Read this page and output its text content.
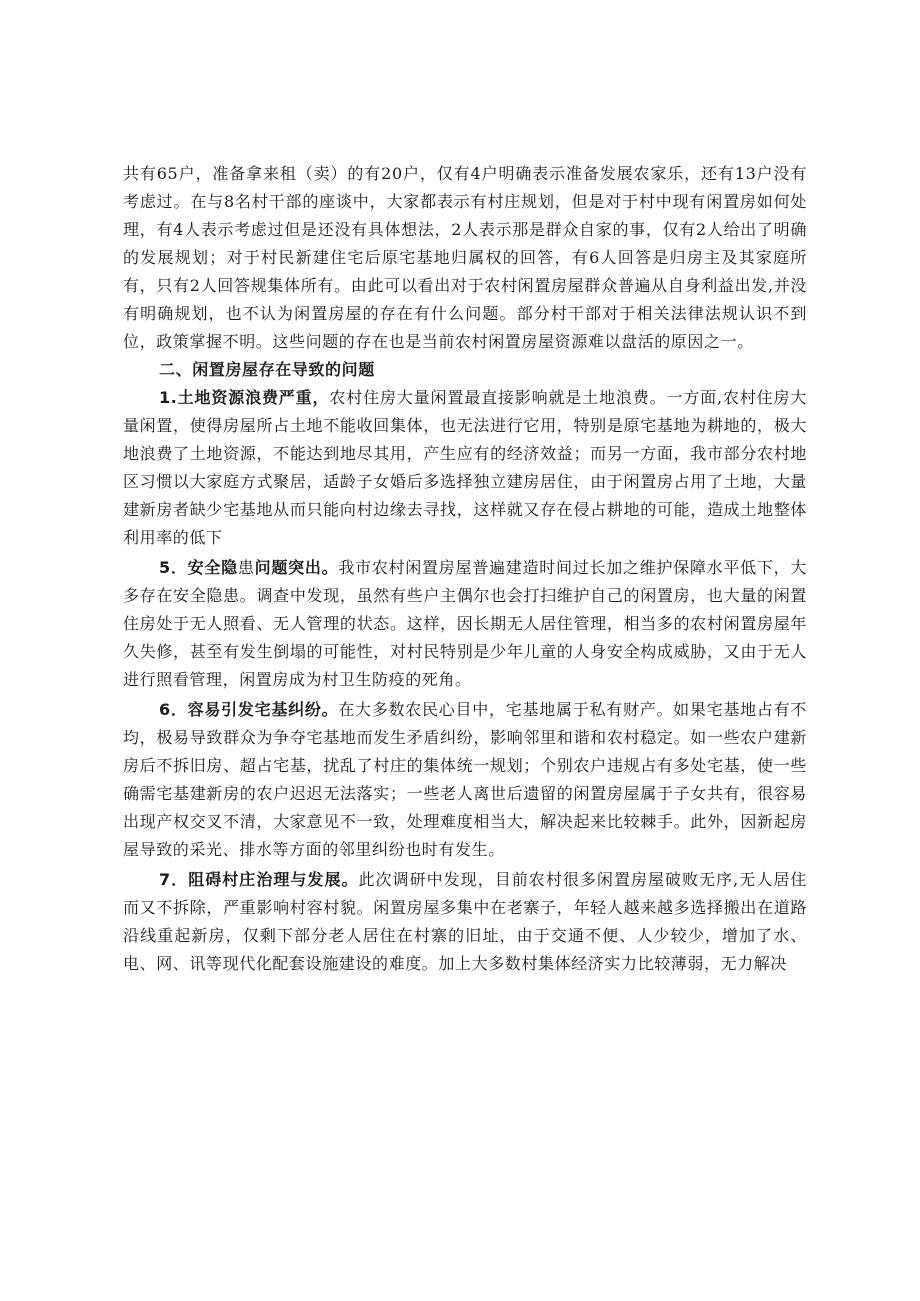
共有65户，准备拿来租（卖）的有20户，仅有4户明确表示准备发展农家乐，还有13户没有考虑过。在与8名村干部的座谈中，大家都表示有村庄规划，但是对于村中现有闲置房如何处理，有4人表示考虑过但是还没有具体想法，2人表示那是群众自家的事，仅有2人给出了明确的发展规划；对于村民新建住宅后原宅基地归属权的回答，有6人回答是归房主及其家庭所有，只有2人回答规集体所有。由此可以看出对于农村闲置房屋群众普遍从自身利益出发,并没有明确规划，也不认为闲置房屋的存在有什么问题。部分村干部对于相关法律法规认识不到位，政策掌握不明。这些问题的存在也是当前农村闲置房屋资源难以盘活的原因之一。

二、闲置房屋存在导致的问题

1.土地资源浪费严重，农村住房大量闲置最直接影响就是土地浪费。一方面,农村住房大量闲置，使得房屋所占土地不能收回集体，也无法进行它用，特别是原宅基地为耕地的，极大地浪费了土地资源，不能达到地尽其用，产生应有的经济效益；而另一方面，我市部分农村地区习惯以大家庭方式聚居，适龄子女婚后多选择独立建房居住，由于闲置房占用了土地，大量建新房者缺少宅基地从而只能向村边缘去寻找，这样就又存在侵占耕地的可能，造成土地整体利用率的低下

5．安全隐患问题突出。我市农村闲置房屋普遍建造时间过长加之维护保障水平低下，大多存在安全隐患。调查中发现，虽然有些户主偶尔也会打扫维护自己的闲置房，也大量的闲置住房处于无人照看、无人管理的状态。这样，因长期无人居住管理，相当多的农村闲置房屋年久失修，甚至有发生倒塌的可能性，对村民特别是少年儿童的人身安全构成威胁，又由于无人进行照看管理，闲置房成为村卫生防疫的死角。

6．容易引发宅基纠纷。在大多数农民心目中，宅基地属于私有财产。如果宅基地占有不均，极易导致群众为争夺宅基地而发生矛盾纠纷，影响邻里和谐和农村稳定。如一些农户建新房后不拆旧房、超占宅基，扰乱了村庄的集体统一规划；个别农户违规占有多处宅基，使一些确需宅基建新房的农户迟迟无法落实；一些老人离世后遗留的闲置房屋属于子女共有，很容易出现产权交叉不清，大家意见不一致，处理难度相当大，解决起来比较棘手。此外，因新起房屋导致的采光、排水等方面的邻里纠纷也时有发生。

7．阻碍村庄治理与发展。此次调研中发现，目前农村很多闲置房屋破败无序,无人居住而又不拆除，严重影响村容村貌。闲置房屋多集中在老寨子，年轻人越来越多选择搬出在道路沿线重起新房，仅剩下部分老人居住在村寨的旧址，由于交通不便、人少较少，增加了水、电、网、讯等现代化配套设施建设的难度。加上大多数村集体经济实力比较薄弱，无力解决
